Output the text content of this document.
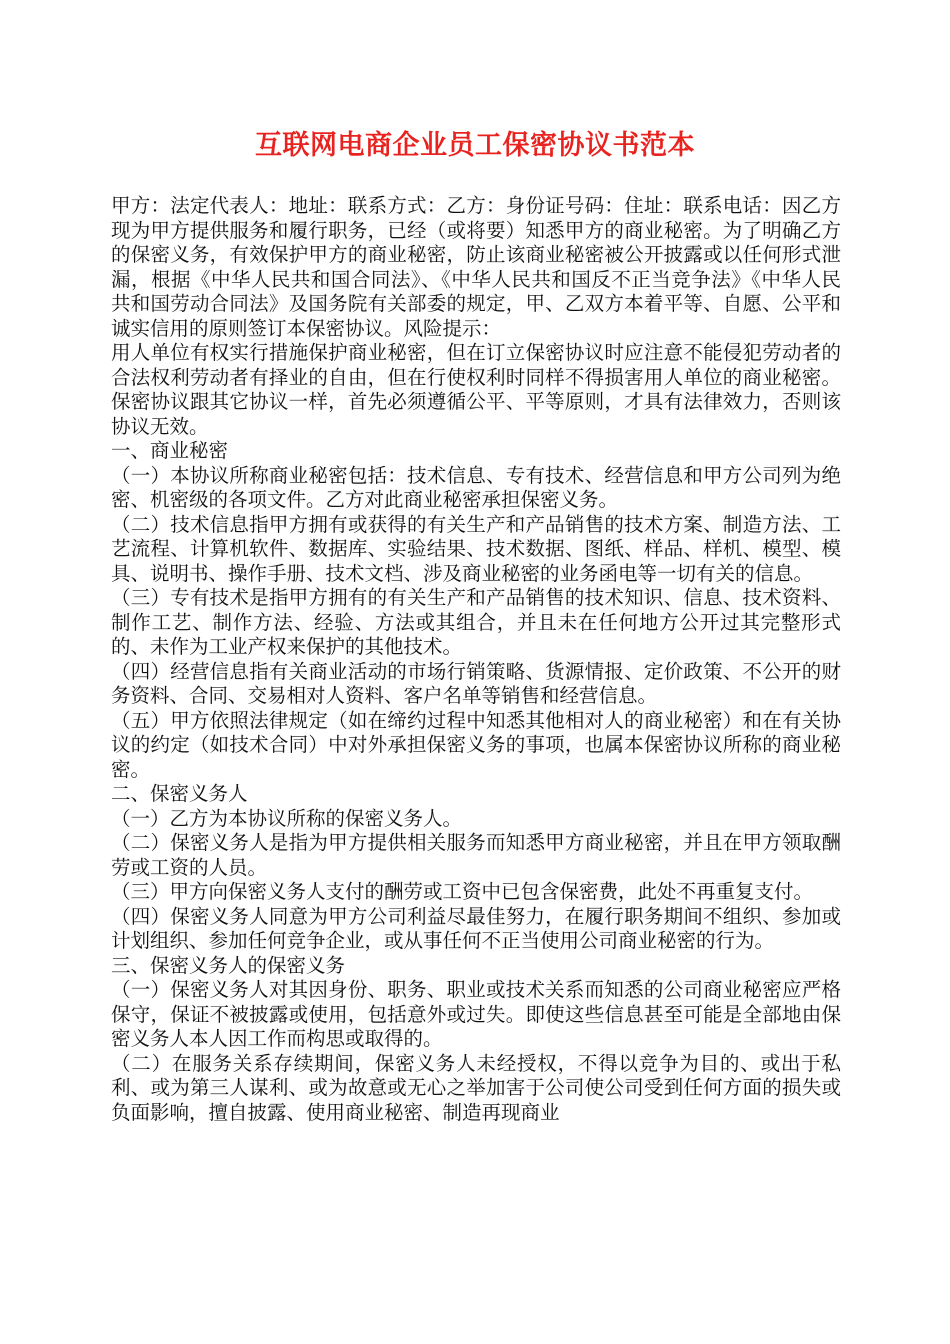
互联网电商企业员工保密协议书范本

甲方：法定代表人：地址：联系方式：乙方：身份证号码：住址：联系电话：因乙方现为甲方提供服务和履行职务，已经（或将要）知悉甲方的商业秘密。为了明确乙方的保密义务，有效保护甲方的商业秘密，防止该商业秘密被公开披露或以任何形式泄漏，根据《中华人民共和国合同法》、《中华人民共和国反不正当竞争法》《中华人民共和国劳动合同法》及国务院有关部委的规定，甲、乙双方本着平等、自愿、公平和诚实信用的原则签订本保密协议。风险提示：

用人单位有权实行措施保护商业秘密，但在订立保密协议时应注意不能侵犯劳动者的合法权利劳动者有择业的自由，但在行使权利时同样不得损害用人单位的商业秘密。保密协议跟其它协议一样，首先必须遵循公平、平等原则，才具有法律效力，否则该协议无效。

一、商业秘密

（一）本协议所称商业秘密包括：技术信息、专有技术、经营信息和甲方公司列为绝密、机密级的各项文件。乙方对此商业秘密承担保密义务。

（二）技术信息指甲方拥有或获得的有关生产和产品销售的技术方案、制造方法、工艺流程、计算机软件、数据库、实验结果、技术数据、图纸、样品、样机、模型、模具、说明书、操作手册、技术文档、涉及商业秘密的业务函电等一切有关的信息。

（三）专有技术是指甲方拥有的有关生产和产品销售的技术知识、信息、技术资料、制作工艺、制作方法、经验、方法或其组合，并且未在任何地方公开过其完整形式的、未作为工业产权来保护的其他技术。

（四）经营信息指有关商业活动的市场行销策略、货源情报、定价政策、不公开的财务资料、合同、交易相对人资料、客户名单等销售和经营信息。

（五）甲方依照法律规定（如在缔约过程中知悉其他相对人的商业秘密）和在有关协议的约定（如技术合同）中对外承担保密义务的事项，也属本保密协议所称的商业秘密。

二、保密义务人

（一）乙方为本协议所称的保密义务人。

（二）保密义务人是指为甲方提供相关服务而知悉甲方商业秘密，并且在甲方领取酬劳或工资的人员。

（三）甲方向保密义务人支付的酬劳或工资中已包含保密费，此处不再重复支付。

（四）保密义务人同意为甲方公司利益尽最佳努力，在履行职务期间不组织、参加或计划组织、参加任何竞争企业，或从事任何不正当使用公司商业秘密的行为。

三、保密义务人的保密义务

（一）保密义务人对其因身份、职务、职业或技术关系而知悉的公司商业秘密应严格保守，保证不被披露或使用，包括意外或过失。即使这些信息甚至可能是全部地由保密义务人本人因工作而构思或取得的。

（二）在服务关系存续期间，保密义务人未经授权，不得以竞争为目的、或出于私利、或为第三人谋利、或为故意或无心之举加害于公司使公司受到任何方面的损失或负面影响，擅自披露、使用商业秘密、制造再现商业
